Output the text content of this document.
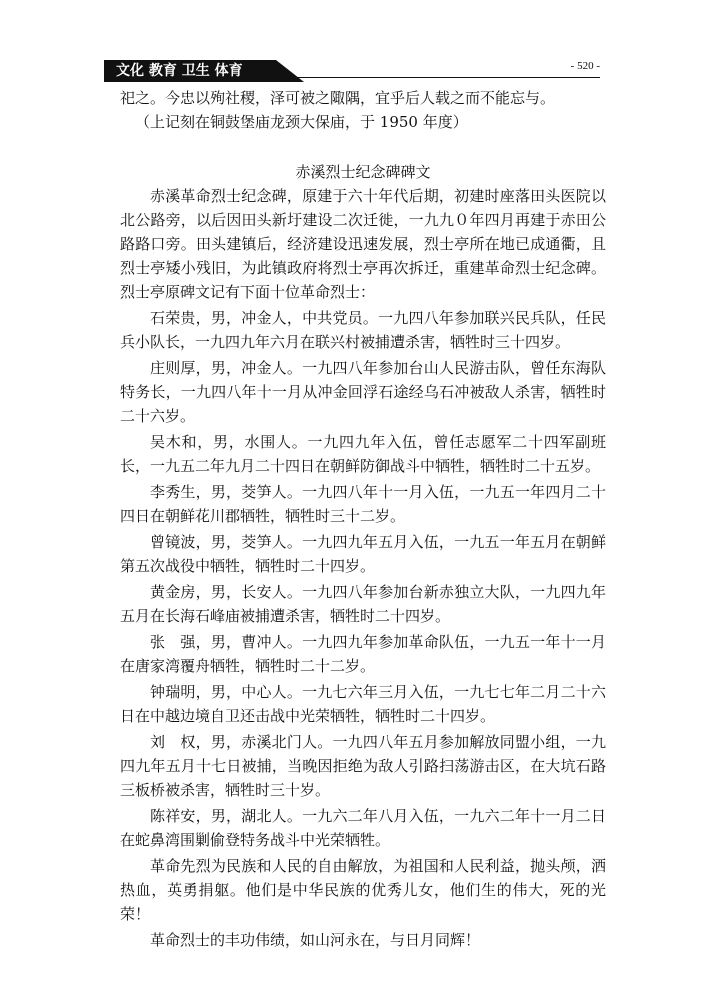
文化 教育 卫生 体育	- 520 -

祀之。今忠以殉社稷，泽可被之陬隅，宜乎后人载之而不能忘与。

（上记刻在铜鼓堡庙龙颈大保庙，于 1950 年度）

赤溪烈士纪念碑碑文

赤溪革命烈士纪念碑，原建于六十年代后期，初建时座落田头医院以北公路旁，以后因田头新圩建设二次迁徙，一九九０年四月再建于赤田公路路口旁。田头建镇后，经济建设迅速发展，烈士亭所在地已成通衢，且烈士亭矮小残旧，为此镇政府将烈士亭再次拆迁，重建革命烈士纪念碑。烈士亭原碑文记有下面十位革命烈士：

石荣贵，男，冲金人，中共党员。一九四八年参加联兴民兵队，任民兵小队长，一九四九年六月在联兴村被捕遭杀害，牺牲时三十四岁。

庄则厚，男，冲金人。一九四八年参加台山人民游击队，曾任东海队特务长，一九四八年十一月从冲金回浮石途经乌石冲被敌人杀害，牺牲时二十六岁。

吴木和，男，水围人。一九四九年入伍，曾任志愿军二十四军副班长，一九五二年九月二十四日在朝鲜防御战斗中牺牲，牺牲时二十五岁。

李秀生，男，茭笋人。一九四八年十一月入伍，一九五一年四月二十四日在朝鲜花川郡牺牲，牺牲时三十二岁。

曾镜波，男，茭笋人。一九四九年五月入伍，一九五一年五月在朝鲜第五次战役中牺牲，牺牲时二十四岁。

黄金房，男，长安人。一九四八年参加台新赤独立大队，一九四九年五月在长海石峰庙被捕遭杀害，牺牲时二十四岁。

张　强，男，曹冲人。一九四九年参加革命队伍，一九五一年十一月在唐家湾覆舟牺牲，牺牲时二十二岁。

钟瑞明，男，中心人。一九七六年三月入伍，一九七七年二月二十六日在中越边境自卫还击战中光荣牺牲，牺牲时二十四岁。

刘　权，男，赤溪北门人。一九四八年五月参加解放同盟小组，一九四九年五月十七日被捕，当晚因拒绝为敌人引路扫荡游击区，在大坑石路三板桥被杀害，牺牲时三十岁。

陈祥安，男，湖北人。一九六二年八月入伍，一九六二年十一月二日在蛇鼻湾围剿偷登特务战斗中光荣牺牲。

革命先烈为民族和人民的自由解放，为祖国和人民利益，抛头颅，洒热血，英勇捐躯。他们是中华民族的优秀儿女，他们生的伟大，死的光荣！

革命烈士的丰功伟绩，如山河永在，与日月同辉！
